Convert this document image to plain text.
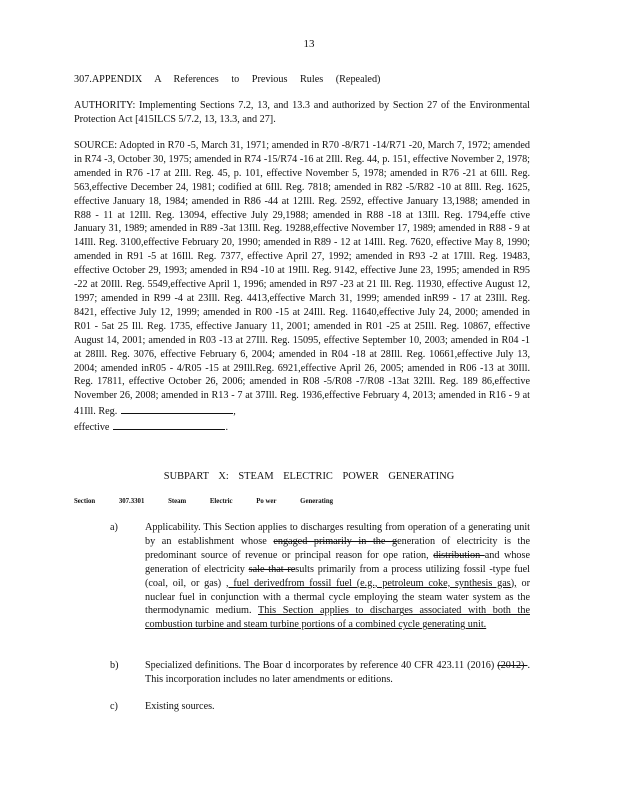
13
307.APPENDIX A References to Previous Rules (Repealed)
AUTHORITY: Implementing Sections 7.2, 13, and 13.3 and authorized by Section 27 of the Environmental Protection Act [415ILCS 5/7.2, 13, 13.3, and 27].
SOURCE: Adopted in R70 -5, March 31, 1971; amended in R70 -8/R71 -14/R71 -20, March 7, 1972; amended in R74 -3, October 30, 1975; amended in R74 -15/R74 -16 at 2Ill. Reg. 44, p. 151, effective November 2, 1978; amended in R76 -17 at 2Ill. Reg. 45, p. 101, effective November 5, 1978; amended in R76 -21 at 6Ill. Reg. 563,effective December 24, 1981; codified at 6Ill. Reg. 7818; amended in R82 -5/R82 -10 at 8Ill. Reg. 1625, effective January 18, 1984; amended in R86 -44 at 12Ill. Reg. 2592, effective January 13,1988; amended in R88 - 11 at 12Ill. Reg. 13094, effective July 29,1988; amended in R88 -18 at 13Ill. Reg. 1794,effe ctive January 31, 1989; amended in R89 -3at 13Ill. Reg. 19288,effective November 17, 1989; amended in R88 - 9 at 14Ill. Reg. 3100,effective February 20, 1990; amended in R89 - 12 at 14Ill. Reg. 7620, effective May 8, 1990; amended in R91 -5 at 16Ill. Reg. 7377, effective April 27, 1992; amended in R93 -2 at 17Ill. Reg. 19483, effective October 29, 1993; amended in R94 -10 at 19Ill. Reg. 9142, effective June 23, 1995; amended in R95 -22 at 20Ill. Reg. 5549,effective April 1, 1996; amended in R97 -23 at 21 Ill. Reg. 11930, effective August 12, 1997; amended in R99 -4 at 23Ill. Reg. 4413,effective March 31, 1999; amended inR99 - 17 at 23Ill. Reg. 8421, effective July 12, 1999; amended in R00 -15 at 24Ill. Reg. 11640,effective July 24, 2000; amended in R01 - 5at 25 Ill. Reg. 1735, effective January 11, 2001; amended in R01 -25 at 25Ill. Reg. 10867, effective August 14, 2001; amended in R03 -13 at 27Ill. Reg. 15095, effective September 10, 2003; amended in R04 -1 at 28Ill. Reg. 3076, effective February 6, 2004; amended in R04 -18 at 28Ill. Reg. 10661,effective July 13, 2004; amended inR05 - 4/R05 -15 at 29Ill.Reg. 6921,effective April 26, 2005; amended in R06 -13 at 30Ill. Reg. 17811, effective October 26, 2006; amended in R08 -5/R08 -7/R08 -13at 32Ill. Reg. 189 86,effective November 26, 2008; amended in R13 - 7 at 37Ill. Reg. 1936,effective February 4, 2013; amended in R16 - 9 at 41Ill. Reg.	,
effective	.
SUBPART X: STEAM ELECTRIC POWER GENERATING
Section	307.3301	Steam	Electric	Po wer	Generating
a)	Applicability. This Section applies to discharges resulting from operation of a generating unit by an establishment whose engaged primarily in the generation of electricity is the predominant source of revenue or principal reason for ope ration, distribution and whose generation of electricity sale that results primarily from a process utilizing fossil -type fuel (coal, oil, or gas) , fuel derivedfrom fossil fuel (e.g., petroleum coke, synthesis gas), or nuclear fuel in conjunction with a thermal cycle employing the steam water system as the thermodynamic medium. This Section applies to discharges associated with both the combustion turbine and steam turbine portions of a combined cycle generating unit.
b)	Specialized definitions. The Boar d incorporates by reference 40 CFR 423.11 (2016) (2012) . This incorporation includes no later amendments or editions.
c)	Existing sources.
